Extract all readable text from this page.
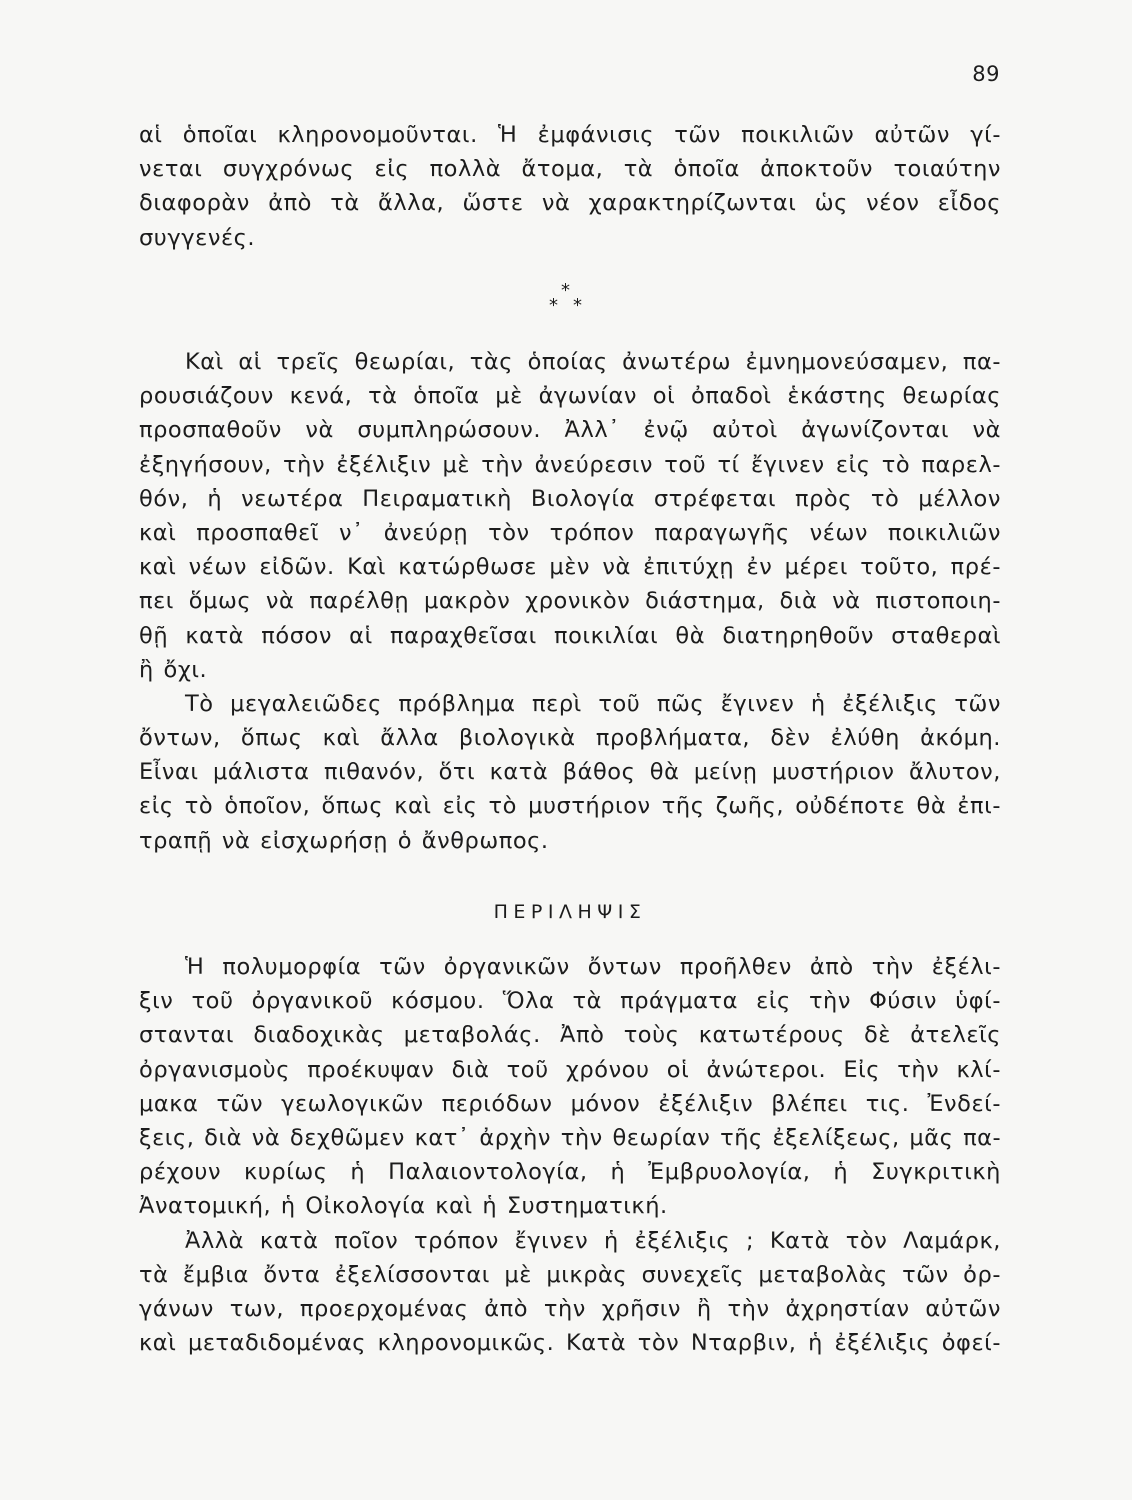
89
αἱ ὁποῖαι κληρονομοῦνται. Ἡ ἐμφάνισις τῶν ποικιλιῶν αὐτῶν γί-
νεται συγχρόνως εἰς πολλὰ ἄτομα, τὰ ὁποῖα ἀποκτοῦν τοιαύτην
διαφορὰν ἀπὸ τὰ ἄλλα, ὥστε νὰ χαρακτηρίζωνται ὡς νέον εἶδος
συγγενές.
*
* *
Καὶ αἱ τρεῖς θεωρίαι, τὰς ὁποίας ἀνωτέρω ἐμνημονεύσαμεν, πα-
ρουσιάζουν κενά, τὰ ὁποῖα μὲ ἀγωνίαν οἱ ὀπαδοὶ ἑκάστης θεωρίας
προσπαθοῦν νὰ συμπληρώσουν. Ἀλλ᾽ ἐνῷ αὐτοὶ ἀγωνίζονται νὰ
ἐξηγήσουν, τὴν ἐξέλιξιν μὲ τὴν ἀνεύρεσιν τοῦ τί ἔγινεν εἰς τὸ παρελ-
θόν, ἡ νεωτέρα Πειραματικὴ Βιολογία στρέφεται πρὸς τὸ μέλλον
καὶ προσπαθεῖ ν᾽ ἀνεύρῃ τὸν τρόπον παραγωγῆς νέων ποικιλιῶν
καὶ νέων εἰδῶν. Καὶ κατώρθωσε μὲν νὰ ἐπιτύχῃ ἐν μέρει τοῦτο, πρέ-
πει ὅμως νὰ παρέλθῃ μακρὸν χρονικὸν διάστημα, διὰ νὰ πιστοποιη-
θῇ κατὰ πόσον αἱ παραχθεῖσαι ποικιλίαι θὰ διατηρηθοῦν σταθεραὶ
ἢ ὄχι.
Τὸ μεγαλειῶδες πρόβλημα περὶ τοῦ πῶς ἔγινεν ἡ ἐξέλιξις τῶν
ὄντων, ὅπως καὶ ἄλλα βιολογικὰ προβλήματα, δὲν ἐλύθη ἀκόμη.
Εἶναι μάλιστα πιθανόν, ὅτι κατὰ βάθος θὰ μείνῃ μυστήριον ἄλυτον,
εἰς τὸ ὁποῖον, ὅπως καὶ εἰς τὸ μυστήριον τῆς ζωῆς, οὐδέποτε θὰ ἐπι-
τραπῇ νὰ εἰσχωρήσῃ ὁ ἄνθρωπος.
ΠΕΡΙΛΗΨΙΣ
Ἡ πολυμορφία τῶν ὀργανικῶν ὄντων προῆλθεν ἀπὸ τὴν ἐξέλι-
ξιν τοῦ ὀργανικοῦ κόσμου. Ὅλα τὰ πράγματα εἰς τὴν Φύσιν ὑφί-
στανται διαδοχικὰς μεταβολάς. Ἀπὸ τοὺς κατωτέρους δὲ ἀτελεῖς
ὀργανισμοὺς προέκυψαν διὰ τοῦ χρόνου οἱ ἀνώτεροι. Εἰς τὴν κλί-
μακα τῶν γεωλογικῶν περιόδων μόνον ἐξέλιξιν βλέπει τις. Ἐνδεί-
ξεις, διὰ νὰ δεχθῶμεν κατ᾽ ἀρχὴν τὴν θεωρίαν τῆς ἐξελίξεως, μᾶς πα-
ρέχουν κυρίως ἡ Παλαιοντολογία, ἡ Ἐμβρυολογία, ἡ Συγκριτικὴ
Ἀνατομική, ἡ Οἰκολογία καὶ ἡ Συστηματική.
Ἀλλὰ κατὰ ποῖον τρόπον ἔγινεν ἡ ἐξέλιξις ; Κατὰ τὸν Λαμάρκ,
τὰ ἔμβια ὄντα ἐξελίσσονται μὲ μικρὰς συνεχεῖς μεταβολὰς τῶν ὀρ-
γάνων των, προερχομένας ἀπὸ τὴν χρῆσιν ἢ τὴν ἀχρηστίαν αὐτῶν
καὶ μεταδιδομένας κληρονομικῶς. Κατὰ τὸν Νταρβιν, ἡ ἐξέλιξις ὀφεί-
